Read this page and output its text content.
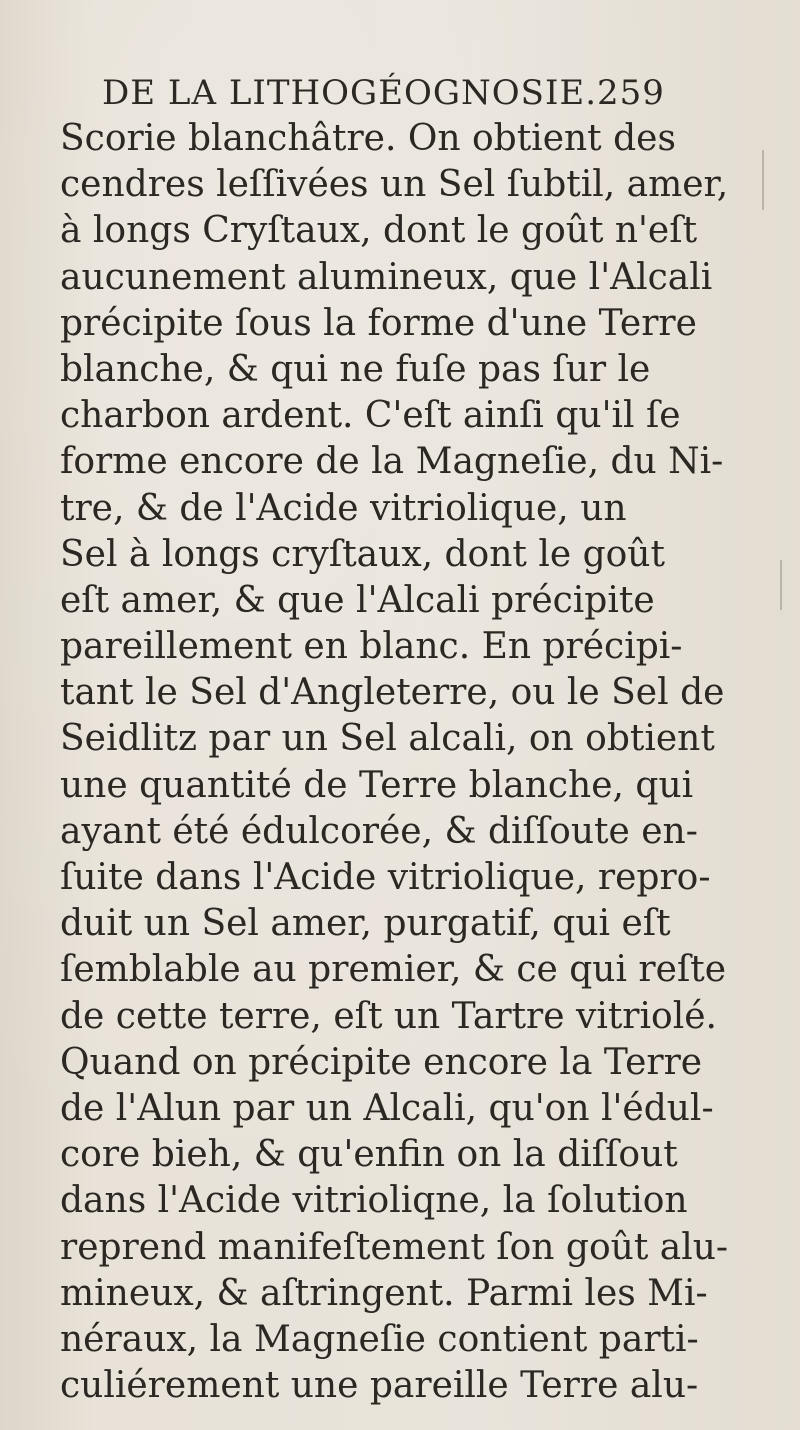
DE LA LITHOGÉOGNOSIE. 259
Scorie blanchâtre. On obtient des
cendres leſſivées un Sel ſubtil, amer,
à longs Cryſtaux, dont le goût n'eſt
aucunement alumineux, que l'Alcali
précipite ſous la forme d'une Terre
blanche, & qui ne fuſe pas ſur le
charbon ardent. C'eſt ainſi qu'il ſe
forme encore de la Magneſie, du Ni-
tre, & de l'Acide vitriolique, un
Sel à longs cryſtaux, dont le goût
eſt amer, & que l'Alcali précipite
pareillement en blanc. En précipi-
tant le Sel d'Angleterre, ou le Sel de
Seidlitz par un Sel alcali, on obtient
une quantité de Terre blanche, qui
ayant été édulcorée, & diſſoute en-
ſuite dans l'Acide vitriolique, repro-
duit un Sel amer, purgatif, qui eſt
ſemblable au premier, & ce qui reſte
de cette terre, eſt un Tartre vitriolé.
Quand on précipite encore la Terre
de l'Alun par un Alcali, qu'on l'édul-
core bieh, & qu'enfin on la diſſout
dans l'Acide vitrioliqne, la ſolution
reprend manifeſtement ſon goût alu-
mineux, & aſtringent. Parmi les Mi-
néraux, la Magneſie contient parti-
culiérement une pareille Terre alu-
